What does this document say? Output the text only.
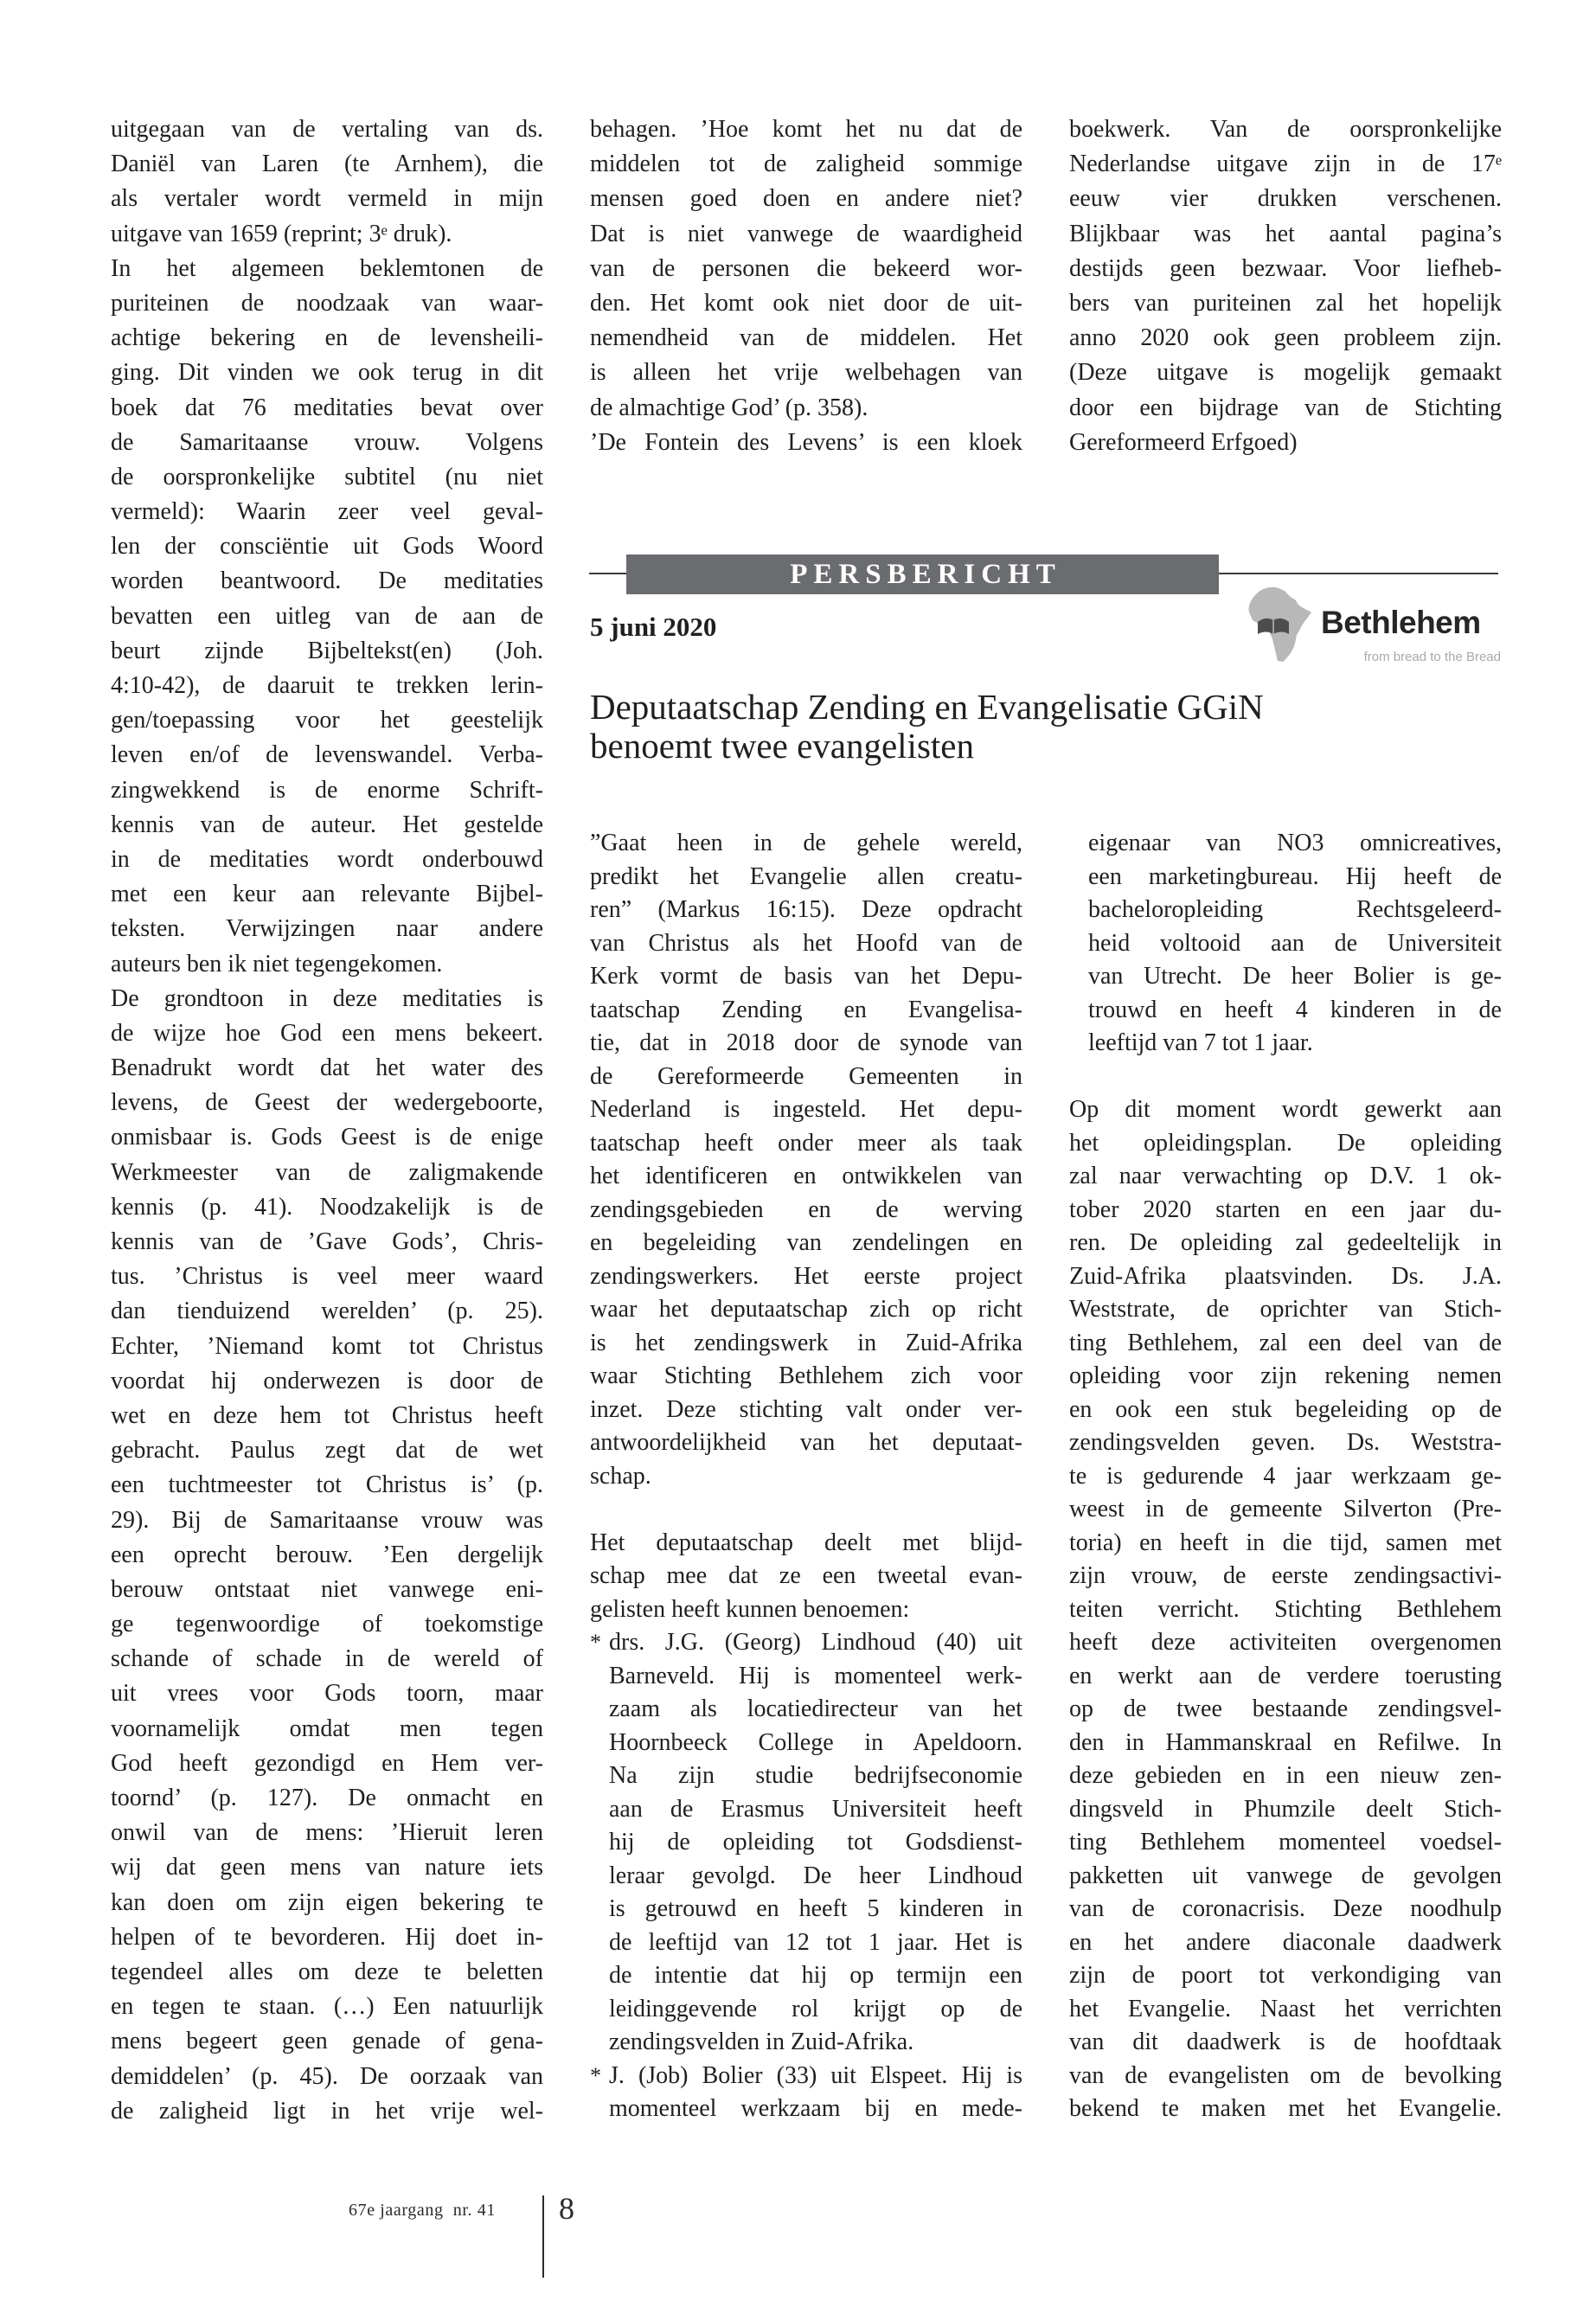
uitgegaan van de vertaling van ds.
Daniël van Laren (te Arnhem), die
als vertaler wordt vermeld in mijn
uitgave van 1659 (reprint; 3ᵉ druk).
In het algemeen beklemtonen de
puriteinen de noodzaak van waar-
achtige bekering en de levensheili-
ging. Dit vinden we ook terug in dit
boek dat 76 meditaties bevat over
de Samaritaanse vrouw. Volgens
de oorspronkelijke subtitel (nu niet
vermeld): Waarin zeer veel geval-
len der consciëntie uit Gods Woord
worden beantwoord. De meditaties
bevatten een uitleg van de aan de
beurt zijnde Bijbeltekst(en) (Joh.
4:10-42), de daaruit te trekken lerin-
gen/toepassing voor het geestelijk
leven en/of de levenswandel. Verba-
zingwekkend is de enorme Schrift-
kennis van de auteur. Het gestelde
in de meditaties wordt onderbouwd
met een keur aan relevante Bijbel-
teksten. Verwijzingen naar andere
auteurs ben ik niet tegengekomen.
De grondtoon in deze meditaties is
de wijze hoe God een mens bekeert.
Benadrukt wordt dat het water des
levens, de Geest der wedergeboorte,
onmisbaar is. Gods Geest is de enige
Werkmeester van de zaligmakende
kennis (p. 41). Noodzakelijk is de
kennis van de ’Gave Gods’, Chris-
tus. ’Christus is veel meer waard
dan tienduizend werelden’ (p. 25).
Echter, ’Niemand komt tot Christus
voordat hij onderwezen is door de
wet en deze hem tot Christus heeft
gebracht. Paulus zegt dat de wet
een tuchtmeester tot Christus is’ (p.
29). Bij de Samaritaanse vrouw was
een oprecht berouw. ’Een dergelijk
berouw ontstaat niet vanwege eni-
ge tegenwoordige of toekomstige
schande of schade in de wereld of
uit vrees voor Gods toorn, maar
voornamelijk omdat men tegen
God heeft gezondigd en Hem ver-
toornd’ (p. 127). De onmacht en
onwil van de mens: ’Hieruit leren
wij dat geen mens van nature iets
kan doen om zijn eigen bekering te
helpen of te bevorderen. Hij doet in-
tegendeel alles om deze te beletten
en tegen te staan. (…) Een natuurlijk
mens begeert geen genade of gena-
demiddelen’ (p. 45). De oorzaak van
de zaligheid ligt in het vrije wel-
behagen. ’Hoe komt het nu dat de
middelen tot de zaligheid sommige
mensen goed doen en andere niet?
Dat is niet vanwege de waardigheid
van de personen die bekeerd wor-
den. Het komt ook niet door de uit-
nemendheid van de middelen. Het
is alleen het vrije welbehagen van
de almachtige God’ (p. 358).
’De Fontein des Levens’ is een kloek
boekwerk. Van de oorspronkelijke
Nederlandse uitgave zijn in de 17ᵉ
eeuw vier drukken verschenen.
Blijkbaar was het aantal pagina’s
destijds geen bezwaar. Voor liefheb-
bers van puriteinen zal het hopelijk
anno 2020 ook geen probleem zijn.
(Deze uitgave is mogelijk gemaakt
door een bijdrage van de Stichting
Gereformeerd Erfgoed)
PERSBERICHT
5 juni 2020	Bethlehem
from bread to the Bread
Deputaatschap Zending en Evangelisatie GGiN
benoemt twee evangelisten
”Gaat heen in de gehele wereld,
predikt het Evangelie allen creatu-
ren” (Markus 16:15). Deze opdracht
van Christus als het Hoofd van de
Kerk vormt de basis van het Depu-
taatschap Zending en Evangelisa-
tie, dat in 2018 door de synode van
de Gereformeerde Gemeenten in
Nederland is ingesteld. Het depu-
taatschap heeft onder meer als taak
het identificeren en ontwikkelen van
zendingsgebieden en de werving
en begeleiding van zendelingen en
zendingswerkers. Het eerste project
waar het deputaatschap zich op richt
is het zendingswerk in Zuid-Afrika
waar Stichting Bethlehem zich voor
inzet. Deze stichting valt onder ver-
antwoordelijkheid van het deputaat-
schap.
Het deputaatschap deelt met blijd-
schap mee dat ze een tweetal evan-
gelisten heeft kunnen benoemen:
* drs. J.G. (Georg) Lindhoud (40) uit
Barneveld. Hij is momenteel werk-
zaam als locatiedirecteur van het
Hoornbeeck College in Apeldoorn.
Na zijn studie bedrijfseconomie
aan de Erasmus Universiteit heeft
hij de opleiding tot Godsdienst-
leraar gevolgd. De heer Lindhoud
is getrouwd en heeft 5 kinderen in
de leeftijd van 12 tot 1 jaar. Het is
de intentie dat hij op termijn een
leidinggevende rol krijgt op de
zendingsvelden in Zuid-Afrika.
* J. (Job) Bolier (33) uit Elspeet. Hij is
momenteel werkzaam bij en mede-
eigenaar van NO3 omnicreatives,
een marketingbureau. Hij heeft de
bacheloropleiding Rechtsgeleerd-
heid voltooid aan de Universiteit
van Utrecht. De heer Bolier is ge-
trouwd en heeft 4 kinderen in de
leeftijd van 7 tot 1 jaar.
Op dit moment wordt gewerkt aan
het opleidingsplan. De opleiding
zal naar verwachting op D.V. 1 ok-
tober 2020 starten en een jaar du-
ren. De opleiding zal gedeeltelijk in
Zuid-Afrika plaatsvinden. Ds. J.A.
Weststrate, de oprichter van Stich-
ting Bethlehem, zal een deel van de
opleiding voor zijn rekening nemen
en ook een stuk begeleiding op de
zendingsvelden geven. Ds. Weststra-
te is gedurende 4 jaar werkzaam ge-
weest in de gemeente Silverton (Pre-
toria) en heeft in die tijd, samen met
zijn vrouw, de eerste zendingsactivi-
teiten verricht. Stichting Bethlehem
heeft deze activiteiten overgenomen
en werkt aan de verdere toerusting
op de twee bestaande zendingsvel-
den in Hammanskraal en Refilwe. In
deze gebieden en in een nieuw zen-
dingsveld in Phumzile deelt Stich-
ting Bethlehem momenteel voedsel-
pakketten uit vanwege de gevolgen
van de coronacrisis. Deze noodhulp
en het andere diaconale daadwerk
zijn de poort tot verkondiging van
het Evangelie. Naast het verrichten
van dit daadwerk is de hoofdtaak
van de evangelisten om de bevolking
bekend te maken met het Evangelie.
67e jaargang  nr. 41 8
